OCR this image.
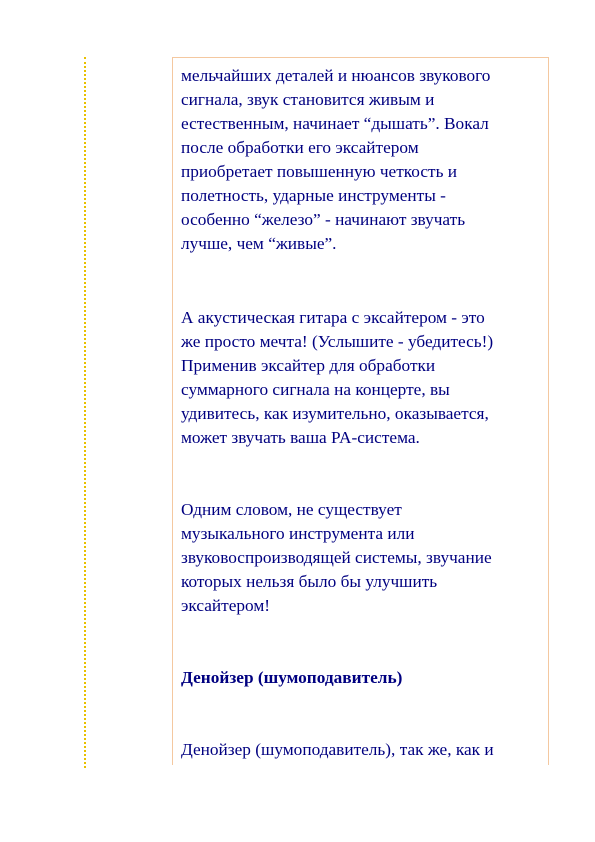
мельчайших деталей и нюансов звукового
сигнала, звук становится живым и
естественным, начинает “дышать”. Вокал
после обработки его эксайтером
приобретает повышенную четкость и
полетность, ударные инструменты -
особенно “железо” - начинают звучать
лучше, чем “живые”.

А акустическая гитара с эксайтером - это
же просто мечта! (Услышите - убедитесь!)
Применив эксайтер для обработки
суммарного сигнала на концерте, вы
удивитесь, как изумительно, оказывается,
может звучать ваша PA-система.

Одним словом, не существует
музыкального инструмента или
звуковоспроизводящей системы, звучание
которых нельзя было бы улучшить
эксайтером!

Денойзер (шумоподавитель)

Денойзер (шумоподавитель), так же, как и
